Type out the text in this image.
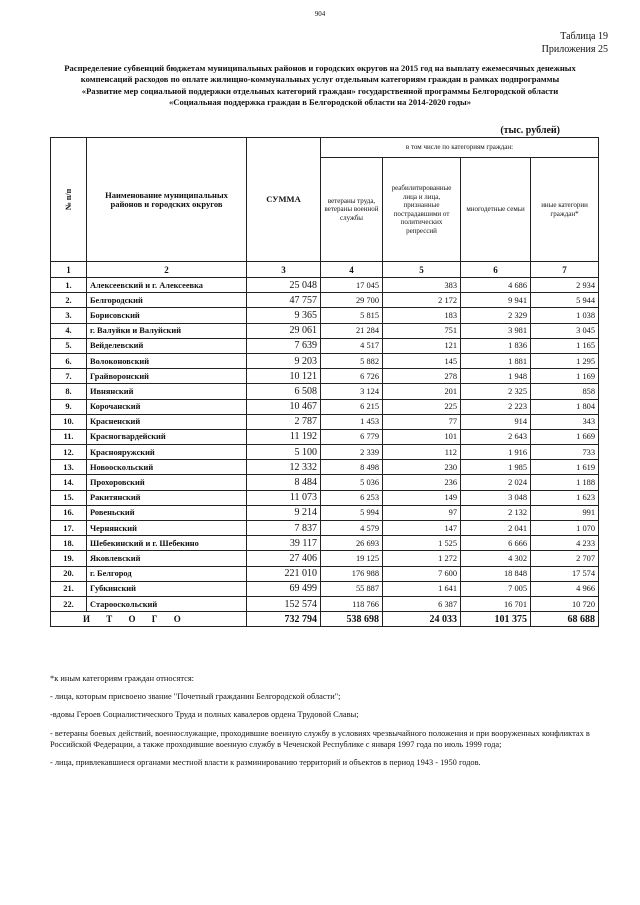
904
Таблица 19
Приложения 25
Распределение субвенций бюджетам муниципальных районов и городских округов на 2015 год на выплату ежемесячных денежных компенсаций расходов по оплате жилищно-коммунальных услуг отдельным категориям граждан в рамках подпрограммы «Развитие мер социальной поддержки отдельных категорий граждан» государственной программы Белгородской области «Социальная поддержка граждан в Белгородской области на 2014-2020 годы»
(тыс. рублей)
№ п/п	Наименование муниципальных районов и городских округов	СУММА	в том числе по категориям граждан:			
			ветераны труда, ветераны военной службы	реабилитированные лица и лица, признанные пострадавшими от политических репрессий	многодетные семьи	иные категории граждан*
1	2	3	4	5	6	7
1.	Алексеевский и г. Алексеевка	25 048	17 045	383	4 686	2 934
2.	Белгородский	47 757	29 700	2 172	9 941	5 944
3.	Борисовский	9 365	5 815	183	2 329	1 038
4.	г. Валуйки и Валуйский	29 061	21 284	751	3 981	3 045
5.	Вейделевский	7 639	4 517	121	1 836	1 165
6.	Волоконовский	9 203	5 882	145	1 881	1 295
7.	Грайворонский	10 121	6 726	278	1 948	1 169
8.	Ивнянский	6 508	3 124	201	2 325	858
9.	Корочанский	10 467	6 215	225	2 223	1 804
10.	Красненский	2 787	1 453	77	914	343
11.	Красногвардейский	11 192	6 779	101	2 643	1 669
12.	Краснояружский	5 100	2 339	112	1 916	733
13.	Новооскольский	12 332	8 498	230	1 985	1 619
14.	Прохоровский	8 484	5 036	236	2 024	1 188
15.	Ракитянский	11 073	6 253	149	3 048	1 623
16.	Ровеньский	9 214	5 994	97	2 132	991
17.	Чернянский	7 837	4 579	147	2 041	1 070
18.	Шебекинский и г. Шебекино	39 117	26 693	1 525	6 666	4 233
19.	Яковлевский	27 406	19 125	1 272	4 302	2 707
20.	г. Белгород	221 010	176 988	7 600	18 848	17 574
21.	Губкинский	69 499	55 887	1 641	7 005	4 966
22.	Старооскольский	152 574	118 766	6 387	16 701	10 720
И Т О Г О		732 794	538 698	24 033	101 375	68 688

*к иным категориям граждан относятся:

- лица, которым присвоено звание "Почетный гражданин Белгородской области";

-вдовы Героев Социалистического Труда и полных кавалеров ордена Трудовой Славы;

- ветераны боевых действий, военнослужащие, проходившие военную службу в условиях чрезвычайного положения и при вооруженных конфликтах в Российской Федерации, а также проходившие военную службу в Чеченской Республике с января 1997 года по июль 1999 года;

- лица, привлекавшиеся органами местной власти к разминированию территорий и объектов в период 1943 - 1950 годов.
